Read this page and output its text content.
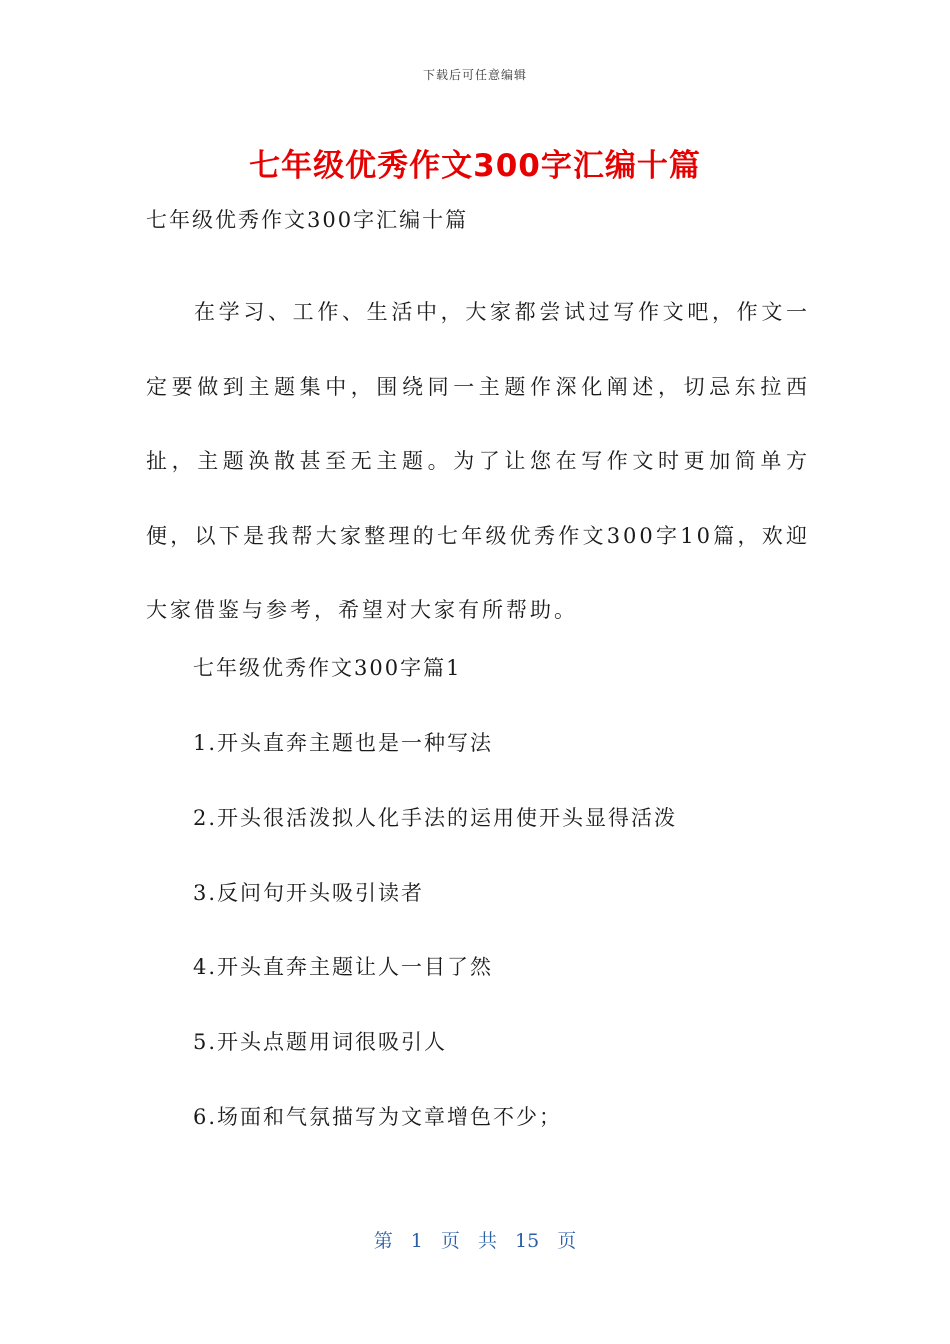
下载后可任意编辑
七年级优秀作文300字汇编十篇
七年级优秀作文300字汇编十篇

在学习、工作、生活中，大家都尝试过写作文吧，作文一定要做到主题集中，围绕同一主题作深化阐述，切忌东拉西扯，主题涣散甚至无主题。为了让您在写作文时更加简单方便，以下是我帮大家整理的七年级优秀作文300字10篇，欢迎大家借鉴与参考，希望对大家有所帮助。

七年级优秀作文300字篇1
1.开头直奔主题也是一种写法
2.开头很活泼拟人化手法的运用使开头显得活泼
3.反问句开头吸引读者
4.开头直奔主题让人一目了然
5.开头点题用词很吸引人
6.场面和气氛描写为文章增色不少；
第 1 页 共 15 页
